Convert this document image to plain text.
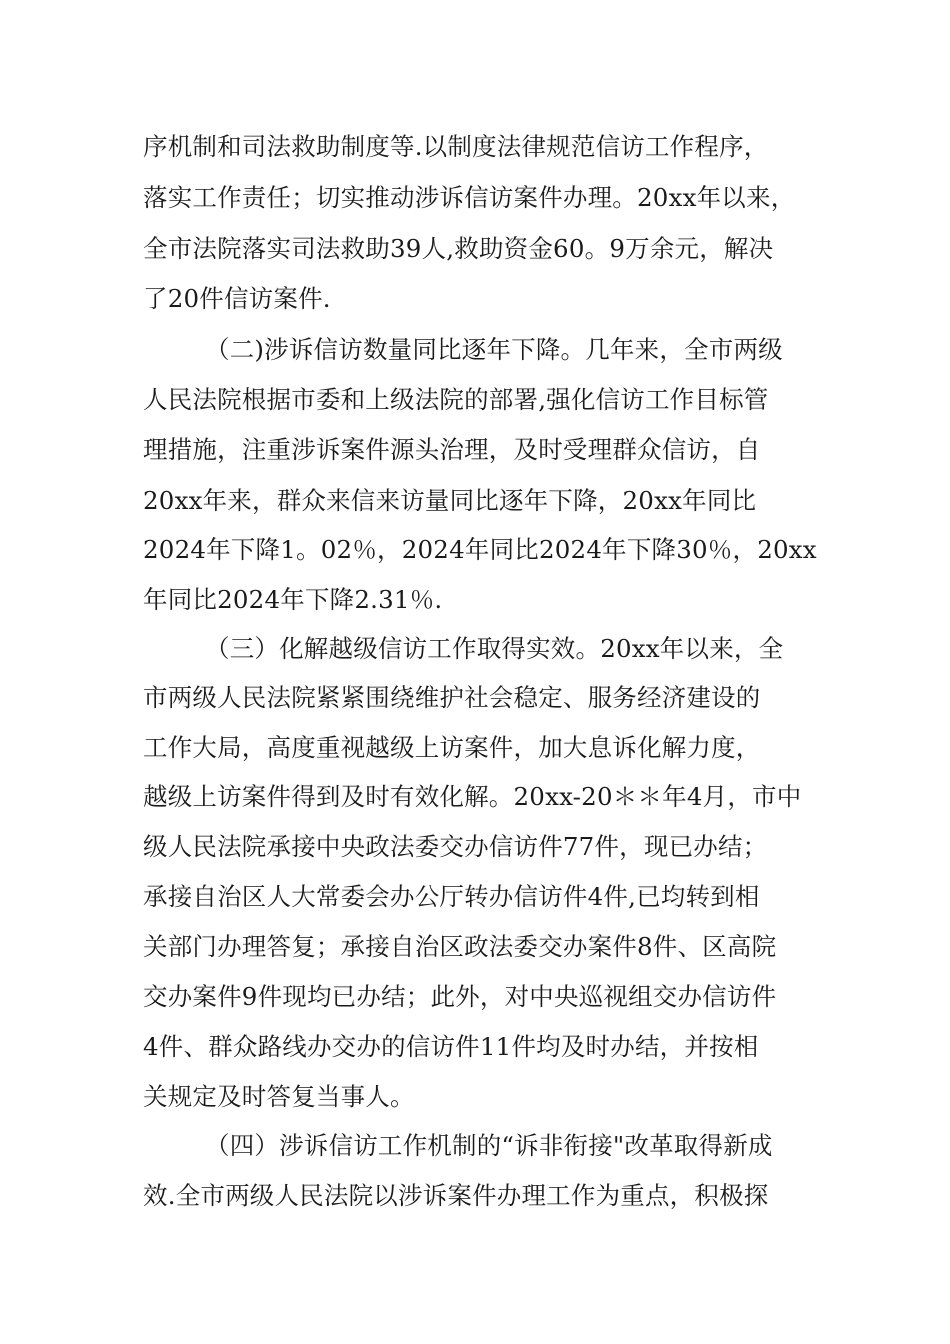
序机制和司法救助制度等.以制度法律规范信访工作程序，
落实工作责任；切实推动涉诉信访案件办理。20xx年以来，
全市法院落实司法救助39人,救助资金60。9万余元，解决
了20件信访案件.
（二)涉诉信访数量同比逐年下降。几年来，全市两级
人民法院根据市委和上级法院的部署,强化信访工作目标管
理措施，注重涉诉案件源头治理，及时受理群众信访，自
20xx年来，群众来信来访量同比逐年下降，20xx年同比
2024年下降1。02％，2024年同比2024年下降30％，20xx
年同比2024年下降2.31％.
（三）化解越级信访工作取得实效。20xx年以来，全
市两级人民法院紧紧围绕维护社会稳定、服务经济建设的
工作大局，高度重视越级上访案件，加大息诉化解力度，
越级上访案件得到及时有效化解。20xx-20＊＊年4月，市中
级人民法院承接中央政法委交办信访件77件，现已办结；
承接自治区人大常委会办公厅转办信访件4件,已均转到相
关部门办理答复；承接自治区政法委交办案件8件、区高院
交办案件9件现均已办结；此外，对中央巡视组交办信访件
4件、群众路线办交办的信访件11件均及时办结，并按相
关规定及时答复当事人。
（四）涉诉信访工作机制的“诉非衔接"改革取得新成
效.全市两级人民法院以涉诉案件办理工作为重点，积极探
